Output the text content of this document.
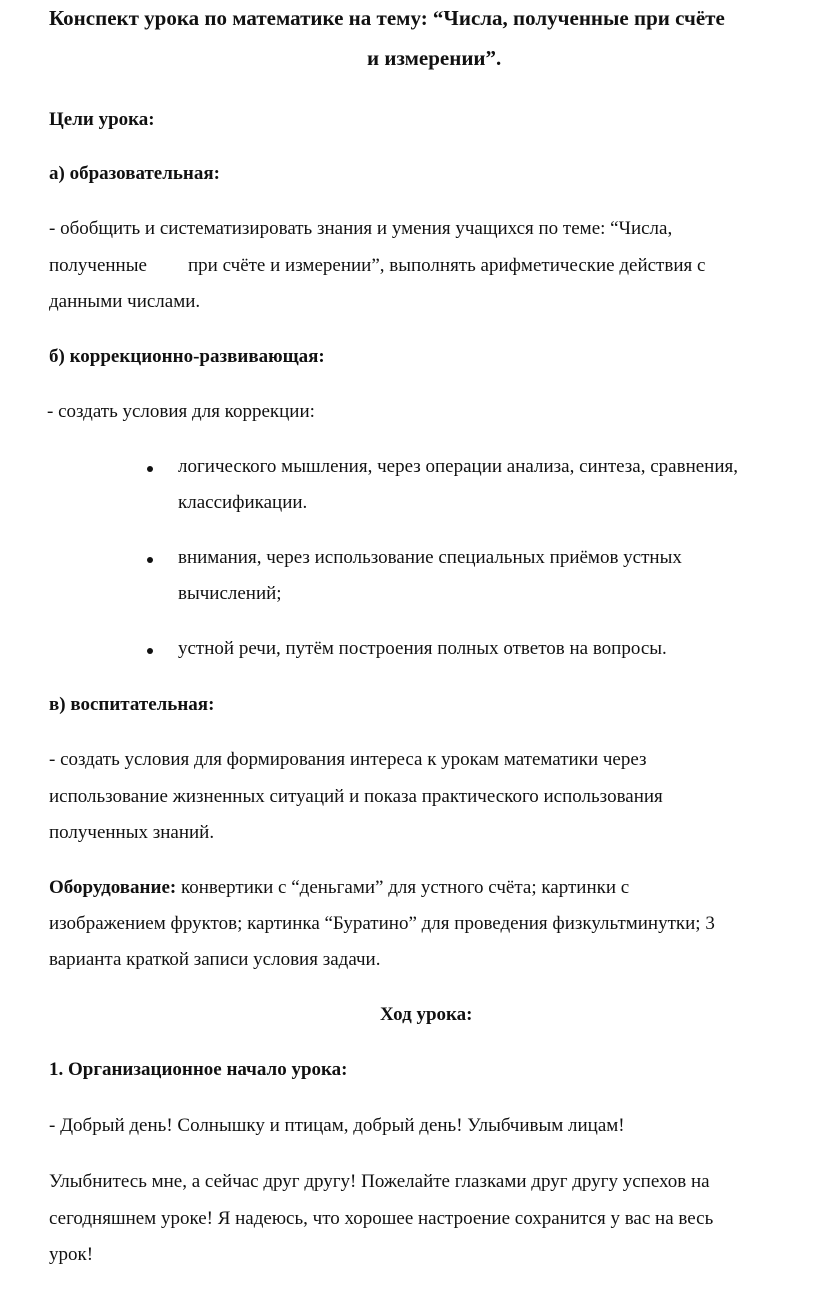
Конспект урока по математике на тему: “Числа, полученные при счёте
и измерении”.
Цели урока:
а) образовательная:
- обобщить и систематизировать знания и умения учащихся по теме: “Числа,
полученные при счёте и измерении”, выполнять арифметические действия с
данными числами.
б) коррекционно-развивающая:
- создать условия для коррекции:
логического мышления, через операции анализа, синтеза, сравнения,
классификации.
внимания, через использование специальных приёмов устных
вычислений;
устной речи, путём построения полных ответов на вопросы.
в) воспитательная:
- создать условия для формирования интереса к урокам математики через
использование жизненных ситуаций и показа практического использования
полученных знаний.
Оборудование: конвертики с “деньгами” для устного счёта; картинки с
изображением фруктов; картинка “Буратино” для проведения физкультминутки; 3
варианта краткой записи условия задачи.
Ход урока:
1. Организационное начало урока:
- Добрый день! Солнышку и птицам, добрый день! Улыбчивым лицам!
Улыбнитесь мне, а сейчас друг другу! Пожелайте глазками друг другу успехов на
сегодняшнем уроке! Я надеюсь, что хорошее настроение сохранится у вас на весь
урок!
